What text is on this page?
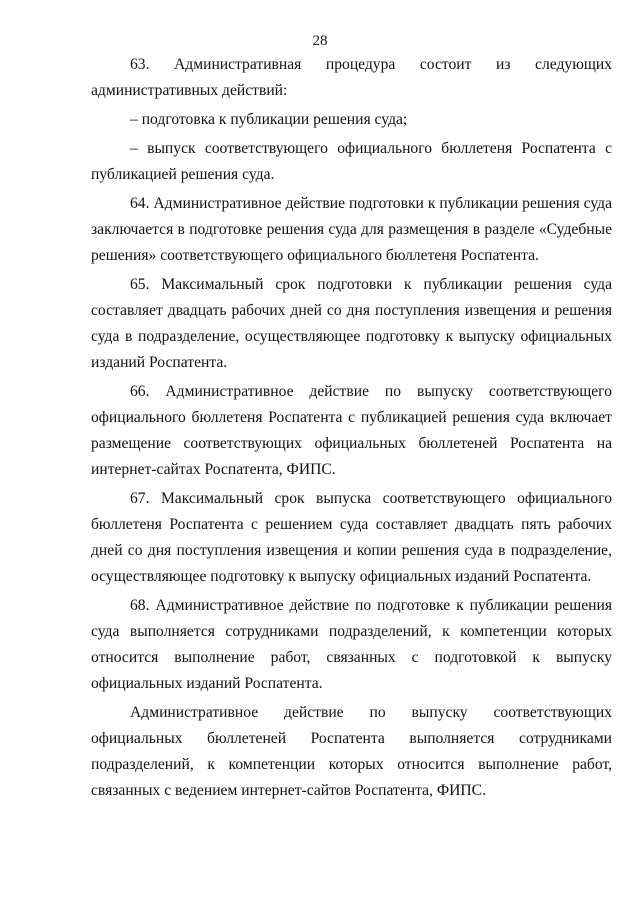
28

63. Административная процедура состоит из следующих административных действий:

– подготовка к публикации решения суда;

– выпуск соответствующего официального бюллетеня Роспатента с публикацией решения суда.

64. Административное действие подготовки к публикации решения суда заключается в подготовке решения суда для размещения в разделе «Судебные решения» соответствующего официального бюллетеня Роспатента.

65. Максимальный срок подготовки к публикации решения суда составляет двадцать рабочих дней со дня поступления извещения и решения суда в подразделение, осуществляющее подготовку к выпуску официальных изданий Роспатента.

66. Административное действие по выпуску соответствующего официального бюллетеня Роспатента с публикацией решения суда включает размещение соответствующих официальных бюллетеней Роспатента на интернет-сайтах Роспатента, ФИПС.

67. Максимальный срок выпуска соответствующего официального бюллетеня Роспатента с решением суда составляет двадцать пять рабочих дней со дня поступления извещения и копии решения суда в подразделение, осуществляющее подготовку к выпуску официальных изданий Роспатента.

68. Административное действие по подготовке к публикации решения суда выполняется сотрудниками подразделений, к компетенции которых относится выполнение работ, связанных с подготовкой к выпуску официальных изданий Роспатента.

Административное действие по выпуску соответствующих официальных бюллетеней Роспатента выполняется сотрудниками подразделений, к компетенции которых относится выполнение работ, связанных с ведением интернет-сайтов Роспатента, ФИПС.
